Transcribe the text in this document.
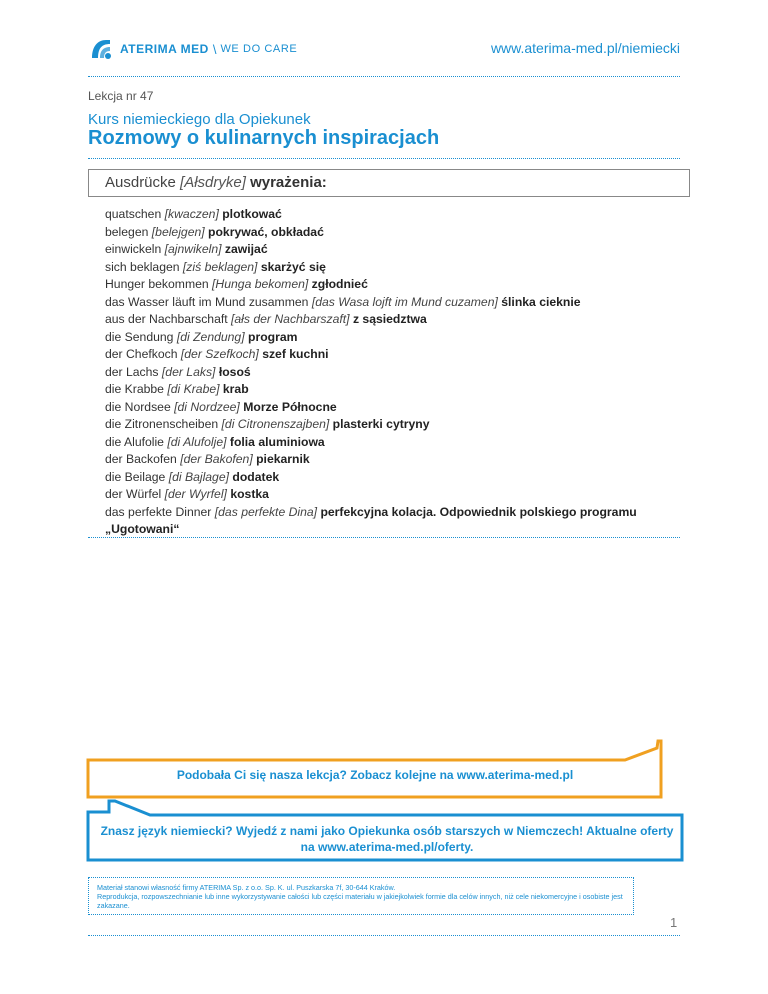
ATERIMA MED \ WE DO CARE	www.aterima-med.pl/niemiecki
Lekcja nr 47
Kurs niemieckiego dla Opiekunek
Rozmowy o kulinarnych inspiracjach
Ausdrücke [Ałsdryke] wyrażenia:
quatschen [kwaczen] plotkować
belegen [belejgen] pokrywać, obkładać
einwickeln [ajnwikeln] zawijać
sich beklagen [ziś beklagen] skarżyć się
Hunger bekommen [Hunga bekomen] zgłodnieć
das Wasser läuft im Mund zusammen [das Wasa lojft im Mund cuzamen] ślinka cieknie
aus der Nachbarschaft [ałs der Nachbarszaft] z sąsiedztwa
die Sendung [di Zendung] program
der Chefkoch [der Szefkoch] szef kuchni
der Lachs [der Laks] łosoś
die Krabbe [di Krabe] krab
die Nordsee [di Nordzee] Morze Północne
die Zitronenscheiben [di Citronenszajben] plasterki cytryny
die Alufolie [di Alufolje] folia aluminiowa
der Backofen [der Bakofen] piekarnik
die Beilage [di Bajlage] dodatek
der Würfel [der Wyrfel] kostka
das perfekte Dinner [das perfekte Dina] perfekcyjna kolacja. Odpowiednik polskiego programu „Ugotowani“
Podobała Ci się nasza lekcja? Zobacz kolejne na www.aterima-med.pl
Znasz język niemiecki? Wyjedź z nami jako Opiekunka osób starszych w Niemczech! Aktualne oferty na www.aterima-med.pl/oferty.
Materiał stanowi własność firmy ATERIMA Sp. z o.o. Sp. K. ul. Puszkarska 7f, 30-644 Kraków.
Reprodukcja, rozpowszechnianie lub inne wykorzystywanie całości lub części materiału w jakiejkolwiek formie dla celów innych, niż cele niekomercyjne i osobiste jest zakazane.
1
